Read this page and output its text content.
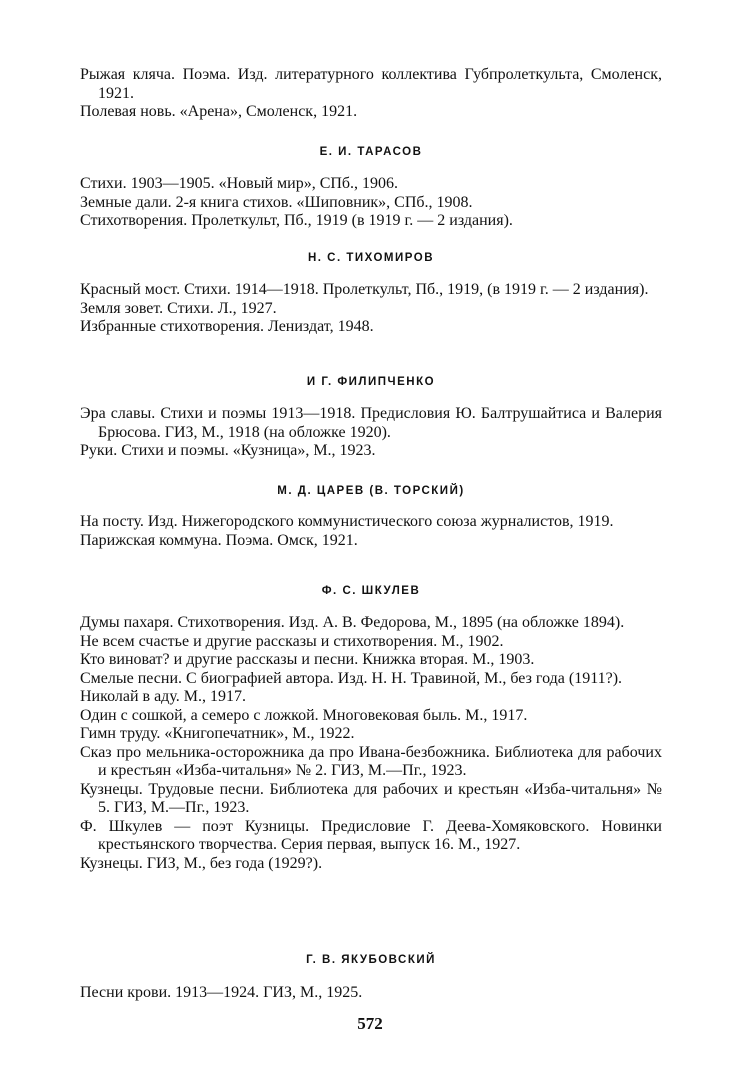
Рыжая кляча. Поэма. Изд. литературного коллектива Губпролеткульта, Смоленск, 1921.

Полевая новь. «Арена», Смоленск, 1921.

Е. И. ТАРАСОВ

Стихи. 1903—1905. «Новый мир», СПб., 1906.

Земные дали. 2-я книга стихов. «Шиповник», СПб., 1908.

Стихотворения. Пролеткульт, Пб., 1919 (в 1919 г. — 2 издания).

Н. С. ТИХОМИРОВ

Красный мост. Стихи. 1914—1918. Пролеткульт, Пб., 1919, (в 1919 г. — 2 издания).

Земля зовет. Стихи. Л., 1927.

Избранные стихотворения. Лениздат, 1948.

И Г. ФИЛИПЧЕНКО

Эра славы. Стихи и поэмы 1913—1918. Предисловия Ю. Балтрушайтиса и Валерия Брюсова. ГИЗ, М., 1918 (на обложке 1920).

Руки. Стихи и поэмы. «Кузница», М., 1923.

М. Д. ЦАРЕВ (В. ТОРСКИЙ)

На посту. Изд. Нижегородского коммунистического союза журналистов, 1919.

Парижская коммуна. Поэма. Омск, 1921.

Ф. С. ШКУЛЕВ

Думы пахаря. Стихотворения. Изд. А. В. Федорова, М., 1895 (на обложке 1894).

Не всем счастье и другие рассказы и стихотворения. М., 1902.

Кто виноват? и другие рассказы и песни. Книжка вторая. М., 1903.

Смелые песни. С биографией автора. Изд. Н. Н. Травиной, М., без года (1911?).

Николай в аду. М., 1917.

Один с сошкой, а семеро с ложкой. Многовековая быль. М., 1917.

Гимн труду. «Книгопечатник», М., 1922.

Сказ про мельника-осторожника да про Ивана-безбожника. Библиотека для рабочих и крестьян «Изба-читальня» № 2. ГИЗ, М.—Пг., 1923.

Кузнецы. Трудовые песни. Библиотека для рабочих и крестьян «Изба-читальня» № 5. ГИЗ, М.—Пг., 1923.

Ф. Шкулев — поэт Кузницы. Предисловие Г. Деева-Хомяковского. Новинки крестьянского творчества. Серия первая, выпуск 16. М., 1927.

Кузнецы. ГИЗ, М., без года (1929?).

Г. В. ЯКУБОВСКИЙ

Песни крови. 1913—1924. ГИЗ, М., 1925.

572
